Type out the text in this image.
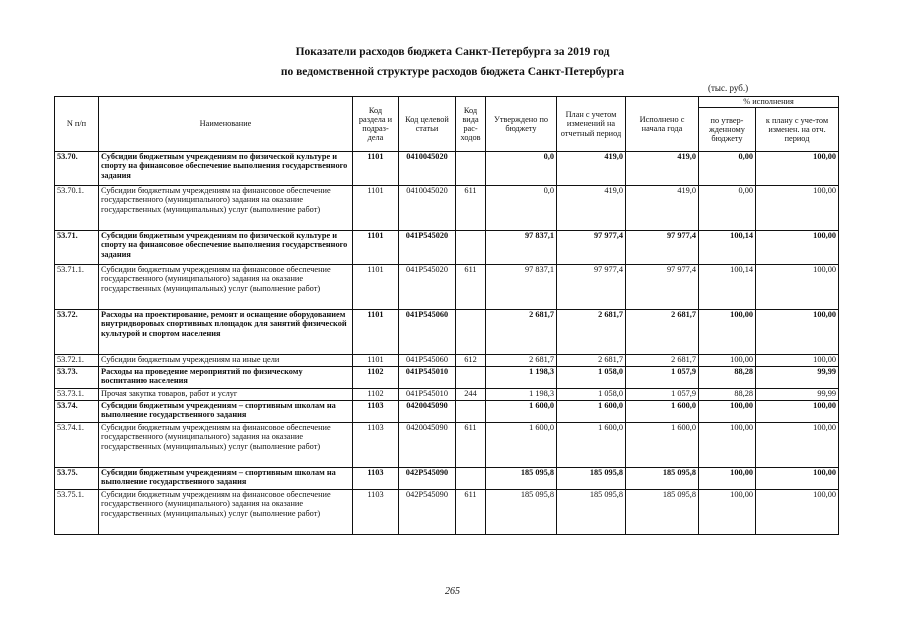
Показатели расходов бюджета Санкт-Петербурга за 2019 год
по ведомственной структуре расходов бюджета Санкт-Петербурга
(тыс. руб.)
N п/п	Наименование	Код раздела и подраз-дела	Код целевой статьи	Код вида рас-ходов	Утверждено по бюджету	План с учетом изменений на отчетный период	Исполнено с начала года	% исполнения	
								по утвер-жденному бюджету	к плану с уче-том изменен. на отч. период
53.70.	Субсидии бюджетным учреждениям по физической культуре и спорту на финансовое обеспечение выполнения государственного задания	1101	0410045020		0,0	419,0	419,0	0,00	100,00
53.70.1.	Субсидии бюджетным учреждениям на финансовое обеспечение государственного (муниципального) задания на оказание государственных (муниципальных) услуг (выполнение работ)	1101	0410045020	611	0,0	419,0	419,0	0,00	100,00
53.71.	Субсидии бюджетным учреждениям по физической культуре и спорту на финансовое обеспечение выполнения государственного задания	1101	041P545020		97 837,1	97 977,4	97 977,4	100,14	100,00
53.71.1.	Субсидии бюджетным учреждениям на финансовое обеспечение государственного (муниципального) задания на оказание государственных (муниципальных) услуг (выполнение работ)	1101	041P545020	611	97 837,1	97 977,4	97 977,4	100,14	100,00
53.72.	Расходы на проектирование, ремонт и оснащение оборудованием внутридворовых спортивных площадок для занятий физической культурой и спортом населения	1101	041P545060		2 681,7	2 681,7	2 681,7	100,00	100,00
53.72.1.	Субсидии бюджетным учреждениям на иные цели	1101	041P545060	612	2 681,7	2 681,7	2 681,7	100,00	100,00
53.73.	Расходы на проведение мероприятий по физическому воспитанию населения	1102	041P545010		1 198,3	1 058,0	1 057,9	88,28	99,99
53.73.1.	Прочая закупка товаров, работ и услуг	1102	041P545010	244	1 198,3	1 058,0	1 057,9	88,28	99,99
53.74.	Субсидии бюджетным учреждениям – спортивным школам на выполнение государственного задания	1103	0420045090		1 600,0	1 600,0	1 600,0	100,00	100,00
53.74.1.	Субсидии бюджетным учреждениям на финансовое обеспечение государственного (муниципального) задания на оказание государственных (муниципальных) услуг (выполнение работ)	1103	0420045090	611	1 600,0	1 600,0	1 600,0	100,00	100,00
53.75.	Субсидии бюджетным учреждениям – спортивным школам на выполнение государственного задания	1103	042P545090		185 095,8	185 095,8	185 095,8	100,00	100,00
53.75.1.	Субсидии бюджетным учреждениям на финансовое обеспечение государственного (муниципального) задания на оказание государственных (муниципальных) услуг (выполнение работ)	1103	042P545090	611	185 095,8	185 095,8	185 095,8	100,00	100,00
265
